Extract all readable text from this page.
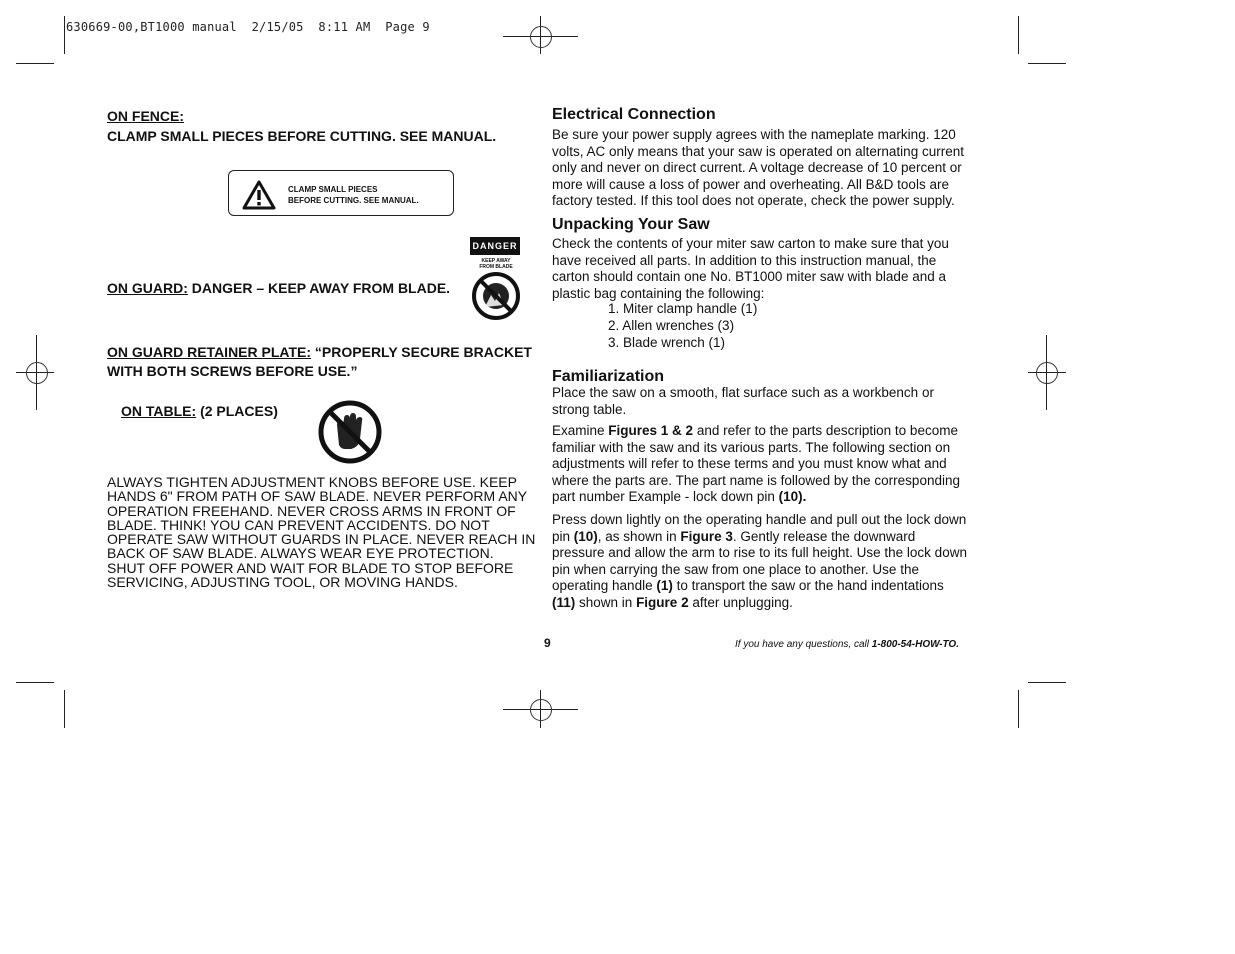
630669-00,BT1000 manual  2/15/05  8:11 AM  Page 9
ON FENCE:
CLAMP SMALL PIECES BEFORE CUTTING. SEE MANUAL.
CLAMP SMALL PIECES
BEFORE CUTTING. SEE MANUAL.
DANGER
KEEP AWAY
FROM BLADE
ON GUARD: DANGER – KEEP AWAY FROM BLADE.
ON GUARD RETAINER PLATE: “PROPERLY SECURE BRACKET
WITH BOTH SCREWS BEFORE USE.”
ON TABLE: (2 PLACES)
ALWAYS TIGHTEN ADJUSTMENT KNOBS BEFORE USE. KEEP
HANDS 6" FROM PATH OF SAW BLADE. NEVER PERFORM ANY
OPERATION FREEHAND. NEVER CROSS ARMS IN FRONT OF
BLADE. THINK! YOU CAN PREVENT ACCIDENTS. DO NOT
OPERATE SAW WITHOUT GUARDS IN PLACE. NEVER REACH IN
BACK OF SAW BLADE. ALWAYS WEAR EYE PROTECTION.
SHUT OFF POWER AND WAIT FOR BLADE TO STOP BEFORE
SERVICING, ADJUSTING TOOL, OR MOVING HANDS.
Electrical Connection
Be sure your power supply agrees with the nameplate marking. 120
volts, AC only means that your saw is operated on alternating current
only and never on direct current. A voltage decrease of 10 percent or
more will cause a loss of power and overheating. All B&D tools are
factory tested. If this tool does not operate, check the power supply.
Unpacking Your Saw
Check the contents of your miter saw carton to make sure that you
have received all parts. In addition to this instruction manual, the
carton should contain one No. BT1000 miter saw with blade and a
plastic bag containing the following:
1. Miter clamp handle (1)
2. Allen wrenches (3)
3. Blade wrench (1)
Familiarization
Place the saw on a smooth, flat surface such as a workbench or
strong table.
Examine Figures 1 & 2 and refer to the parts description to become
familiar with the saw and its various parts. The following section on
adjustments will refer to these terms and you must know what and
where the parts are. The part name is followed by the corresponding
part number Example - lock down pin (10).
Press down lightly on the operating handle and pull out the lock down
pin (10), as shown in Figure 3. Gently release the downward
pressure and allow the arm to rise to its full height. Use the lock down
pin when carrying the saw from one place to another. Use the
operating handle (1) to transport the saw or the hand indentations
(11) shown in Figure 2 after unplugging.
9	If you have any questions, call 1-800-54-HOW-TO.
